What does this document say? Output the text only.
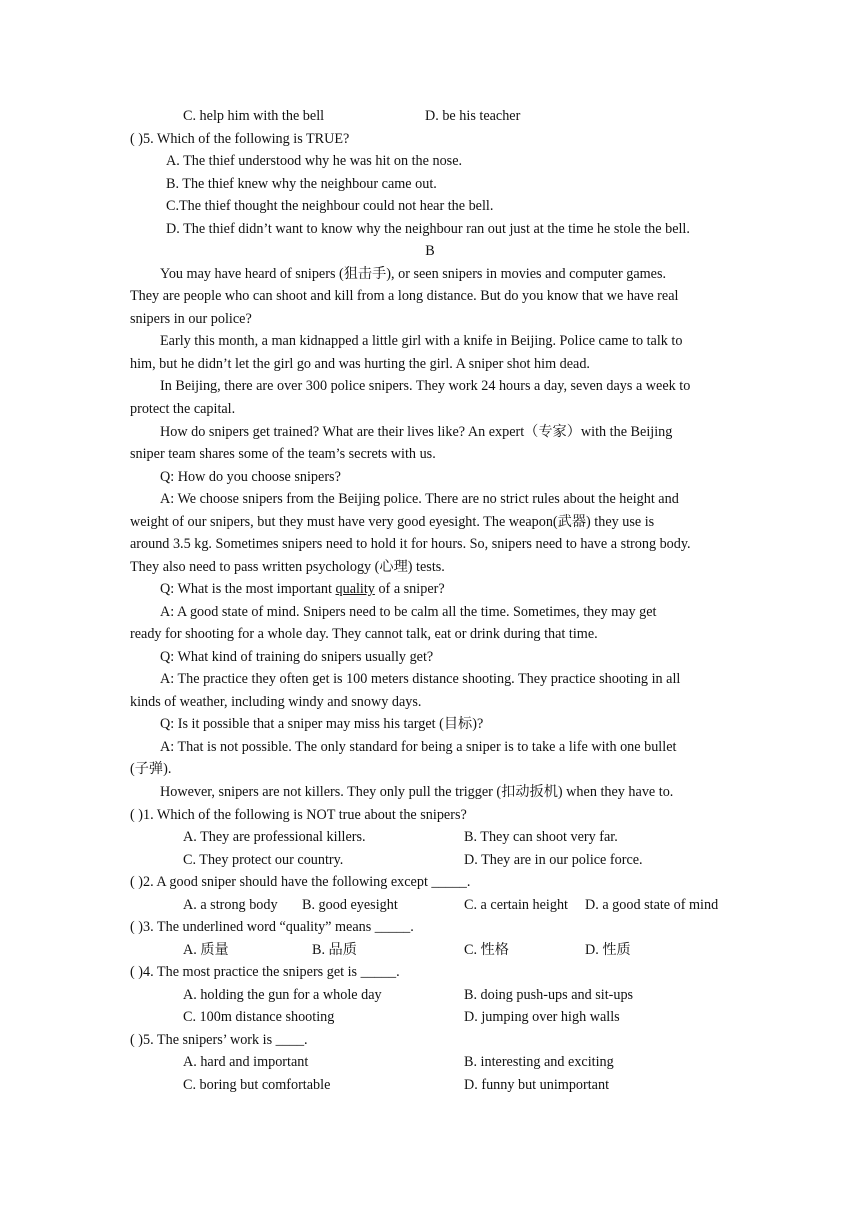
C. help him with the bell	D. be his teacher
( )5. Which of the following is TRUE?
A. The thief understood why he was hit on the nose.
B. The thief knew why the neighbour came out.
C.The thief thought the neighbour could not hear the bell.
D. The thief didn’t want to know why the neighbour ran out just at the time he stole the bell.
B
You may have heard of snipers (狙击手), or seen snipers in movies and computer games.
They are people who can shoot and kill from a long distance. But do you know that we have real
snipers in our police?
Early this month, a man kidnapped a little girl with a knife in Beijing. Police came to talk to
him, but he didn’t let the girl go and was hurting the girl. A sniper shot him dead.
In Beijing, there are over 300 police snipers. They work 24 hours a day, seven days a week to
protect the capital.
How do snipers get trained? What are their lives like? An expert（专家）with the Beijing
sniper team shares some of the team’s secrets with us.
Q: How do you choose snipers?
A: We choose snipers from the Beijing police. There are no strict rules about the height and
weight of our snipers, but they must have very good eyesight. The weapon(武器) they use is
around 3.5 kg. Sometimes snipers need to hold it for hours. So, snipers need to have a strong body.
They also need to pass written psychology (心理) tests.
Q: What is the most important quality of a sniper?
A: A good state of mind. Snipers need to be calm all the time. Sometimes, they may get
ready for shooting for a whole day. They cannot talk, eat or drink during that time.
Q: What kind of training do snipers usually get?
A: The practice they often get is 100 meters distance shooting. They practice shooting in all
kinds of weather, including windy and snowy days.
Q: Is it possible that a sniper may miss his target (目标)?
A: That is not possible. The only standard for being a sniper is to take a life with one bullet
(子弹).
However, snipers are not killers. They only pull the trigger (扣动扳机) when they have to.
( )1. Which of the following is NOT true about the snipers?
A. They are professional killers.	B. They can shoot very far.
C. They protect our country.	D. They are in our police force.
( )2. A good sniper should have the following except _____.
A. a strong body B. good eyesight	C. a certain height D. a good state of mind
( )3. The underlined word “quality” means _____.
A. 质量	B. 品质	C. 性格	D. 性质
( )4. The most practice the snipers get is _____.
A. holding the gun for a whole day	B. doing push-ups and sit-ups
C. 100m distance shooting	D. jumping over high walls
( )5. The snipers’ work is ____.
A. hard and important	B. interesting and exciting
C. boring but comfortable	D. funny but unimportant
